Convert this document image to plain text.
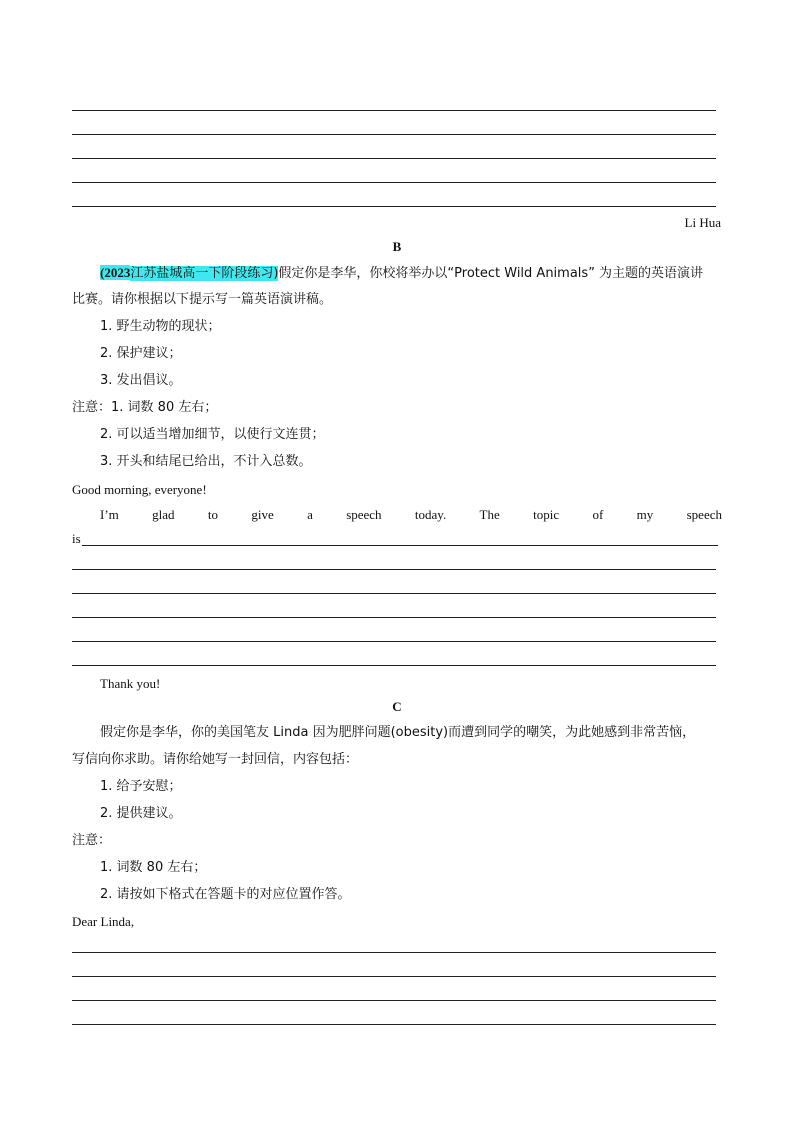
Li Hua
B
(2023江苏盐城高一下阶段练习)假定你是李华，你校将举办以“Protect Wild Animals” 为主题的英语演讲
比赛。请你根据以下提示写一篇英语演讲稿。
1. 野生动物的现状；
2. 保护建议；
3. 发出倡议。
注意：1. 词数 80 左右；
2. 可以适当增加细节，以使行文连贯；
3. 开头和结尾已给出，不计入总数。
Good morning, everyone!
I’m	glad	to	give	a	speech	today.	The	topic	of	my	speech
is
Thank you!
C
假定你是李华，你的美国笔友 Linda 因为肥胖问题(obesity)而遭到同学的嘲笑，为此她感到非常苦恼，
写信向你求助。请你给她写一封回信，内容包括：
1. 给予安慰；
2. 提供建议。
注意：
1. 词数 80 左右；
2. 请按如下格式在答题卡的对应位置作答。
Dear Linda,
